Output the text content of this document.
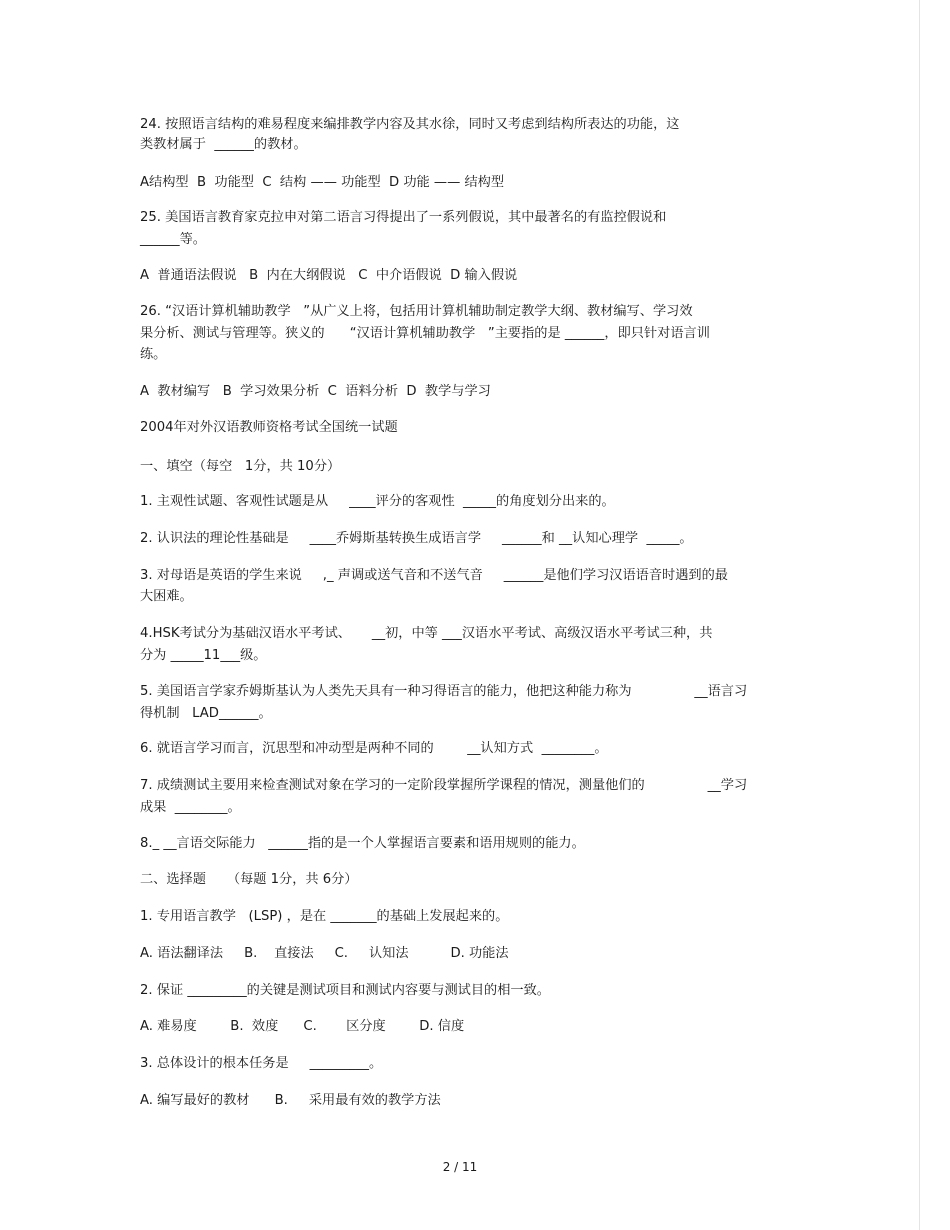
24. 按照语言结构的难易程度来编排教学内容及其水徐，同时又考虑到结构所表达的功能，这
类教材属于  ______的教材。
A结构型  B  功能型  C  结构 —— 功能型  D 功能 —— 结构型
25. 美国语言教育家克拉申对第二语言习得提出了一系列假说，其中最著名的有监控假说和
______等。
A  普通语法假说   B  内在大纲假说   C  中介语假说  D 输入假说
26. “汉语计算机辅助教学   ”从广义上将，包括用计算机辅助制定教学大纲、教材编写、学习效
果分析、测试与管理等。狭义的      “汉语计算机辅助教学   ”主要指的是 ______，即只针对语言训
练。
A  教材编写   B  学习效果分析  C  语料分析  D  教学与学习
2004年对外汉语教师资格考试全国统一试题
一、填空（每空   1分，共 10分）
1. 主观性试题、客观性试题是从     ____评分的客观性  _____的角度划分出来的。
2. 认识法的理论性基础是     ____乔姆斯基转换生成语言学     ______和 __认知心理学  _____。
3. 对母语是英语的学生来说     ,_ 声调或送气音和不送气音     ______是他们学习汉语语音时遇到的最
大困难。
4.HSK考试分为基础汉语水平考试、     __初，中等 ___汉语水平考试、高级汉语水平考试三种，共
分为 _____11___级。
5. 美国语言学家乔姆斯基认为人类先天具有一种习得语言的能力，他把这种能力称为               __语言习
得机制   LAD______。
6. 就语言学习而言，沉思型和冲动型是两种不同的        __认知方式  ________。
7. 成绩测试主要用来检查测试对象在学习的一定阶段掌握所学课程的情况，测量他们的               __学习
成果  ________。
8._ __言语交际能力   ______指的是一个人掌握语言要素和语用规则的能力。
二、选择题     （每题 1分，共 6分）
1. 专用语言教学   (LSP) ，是在 _______的基础上发展起来的。
A. 语法翻译法     B.    直接法     C.     认知法          D. 功能法
2. 保证 _________的关键是测试项目和测试内容要与测试目的相一致。
A. 难易度        B.  效度      C.       区分度        D. 信度
3. 总体设计的根本任务是     _________。
A. 编写最好的教材      B.     采用最有效的教学方法
2 / 11
